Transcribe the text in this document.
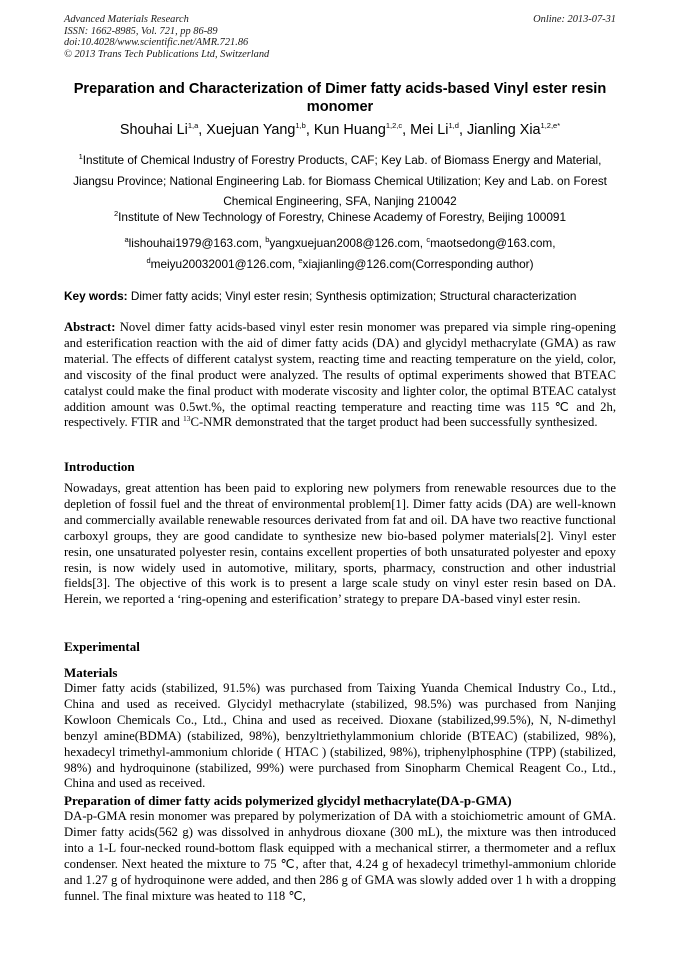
Advanced Materials Research
ISSN: 1662-8985, Vol. 721, pp 86-89
doi:10.4028/www.scientific.net/AMR.721.86
© 2013 Trans Tech Publications Ltd, Switzerland
Online: 2013-07-31
Preparation and Characterization of Dimer fatty acids-based Vinyl ester resin monomer
Shouhai Li$^{1,a}$, Xuejuan Yang$^{1,b}$, Kun Huang$^{1,2,c}$, Mei Li$^{1,d}$, Jianling Xia$^{1,2,e*}$
$^1$Institute of Chemical Industry of Forestry Products, CAF; Key Lab. of Biomass Energy and Material, Jiangsu Province; National Engineering Lab. for Biomass Chemical Utilization; Key and Lab. on Forest Chemical Engineering, SFA, Nanjing 210042
$^2$Institute of New Technology of Forestry, Chinese Academy of Forestry, Beijing 100091
$^a$lishouhai1979@163.com, $^b$yangxuejuan2008@126.com, $^c$maotsedong@163.com,
$^d$meiyu20032001@126.com, $^e$xiajianling@126.com(Corresponding author)
Key words: Dimer fatty acids; Vinyl ester resin; Synthesis optimization; Structural characterization
Abstract: Novel dimer fatty acids-based vinyl ester resin monomer was prepared via simple ring-opening and esterification reaction with the aid of dimer fatty acids (DA) and glycidyl methacrylate (GMA) as raw material. The effects of different catalyst system, reacting time and reacting temperature on the yield, color, and viscosity of the final product were analyzed. The results of optimal experiments showed that BTEAC catalyst could make the final product with moderate viscosity and lighter color, the optimal BTEAC catalyst addition amount was 0.5wt.%, the optimal reacting temperature and reacting time was 115 ℃ and 2h, respectively. FTIR and $^{13}$C-NMR demonstrated that the target product had been successfully synthesized.
Introduction
Nowadays, great attention has been paid to exploring new polymers from renewable resources due to the depletion of fossil fuel and the threat of environmental problem[1]. Dimer fatty acids (DA) are well-known and commercially available renewable resources derivated from fat and oil. DA have two reactive functional carboxyl groups, they are good candidate to synthesize new bio-based polymer materials[2]. Vinyl ester resin, one unsaturated polyester resin, contains excellent properties of both unsaturated polyester and epoxy resin, is now widely used in automotive, military, sports, pharmacy, construction and other industrial fields[3]. The objective of this work is to present a large scale study on vinyl ester resin based on DA. Herein, we reported a ‘ring-opening and esterification’ strategy to prepare DA-based vinyl ester resin.
Experimental
Materials
Dimer fatty acids (stabilized, 91.5%) was purchased from Taixing Yuanda Chemical Industry Co., Ltd., China and used as received. Glycidyl methacrylate (stabilized, 98.5%) was purchased from Nanjing Kowloon Chemicals Co., Ltd., China and used as received. Dioxane (stabilized,99.5%), N, N-dimethyl benzyl amine(BDMA) (stabilized, 98%), benzyltriethylammonium chloride (BTEAC) (stabilized, 98%), hexadecyl trimethyl-ammonium chloride ( HTAC ) (stabilized, 98%), triphenylphosphine (TPP) (stabilized, 98%) and hydroquinone (stabilized, 99%) were purchased from Sinopharm Chemical Reagent Co., Ltd., China and used as received.
Preparation of dimer fatty acids polymerized glycidyl methacrylate(DA-p-GMA)
DA-p-GMA resin monomer was prepared by polymerization of DA with a stoichiometric amount of GMA. Dimer fatty acids(562 g) was dissolved in anhydrous dioxane (300 mL), the mixture was then introduced into a 1-L four-necked round-bottom flask equipped with a mechanical stirrer, a thermometer and a reflux condenser. Next heated the mixture to 75 ℃, after that, 4.24 g of hexadecyl trimethyl-ammonium chloride and 1.27 g of hydroquinone were added, and then 286 g of GMA was slowly added over 1 h with a dropping funnel. The final mixture was heated to 118 ℃,
